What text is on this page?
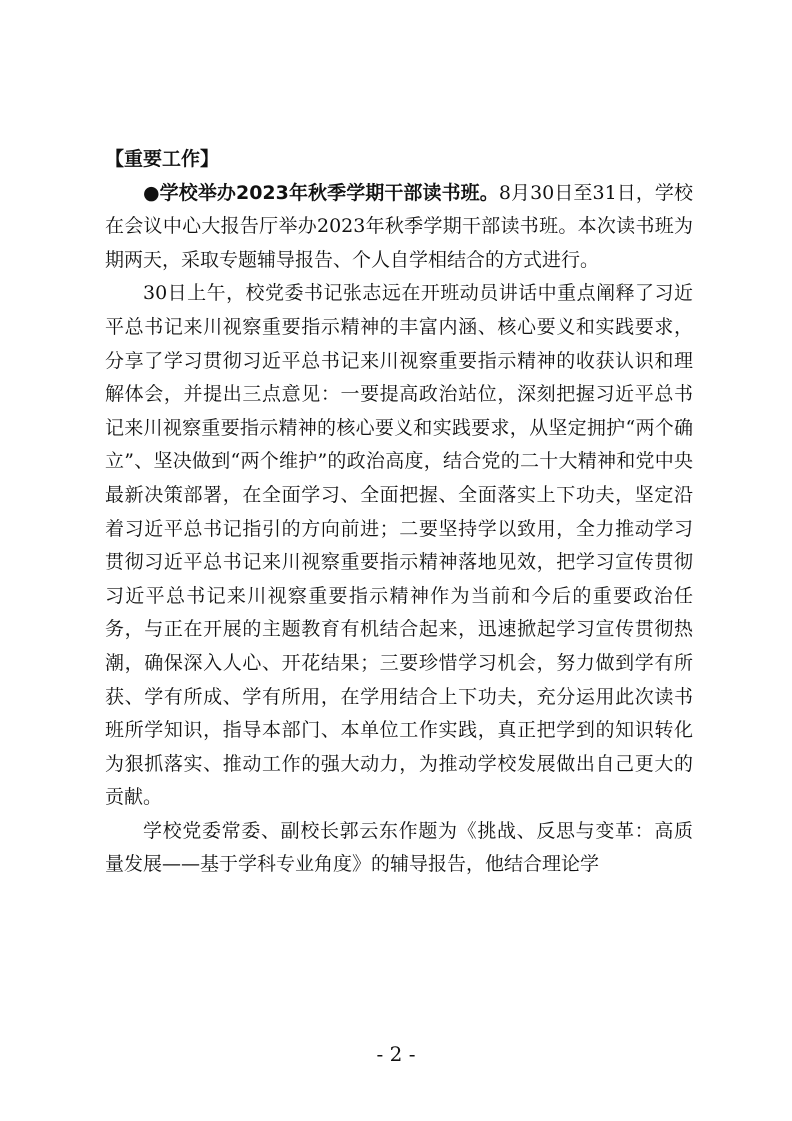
【重要工作】

●学校举办2023年秋季学期干部读书班。8月30日至31日，学校在会议中心大报告厅举办2023年秋季学期干部读书班。本次读书班为期两天，采取专题辅导报告、个人自学相结合的方式进行。

30日上午，校党委书记张志远在开班动员讲话中重点阐释了习近平总书记来川视察重要指示精神的丰富内涵、核心要义和实践要求，分享了学习贯彻习近平总书记来川视察重要指示精神的收获认识和理解体会，并提出三点意见：一要提高政治站位，深刻把握习近平总书记来川视察重要指示精神的核心要义和实践要求，从坚定拥护“两个确立”、坚决做到“两个维护”的政治高度，结合党的二十大精神和党中央最新决策部署，在全面学习、全面把握、全面落实上下功夫，坚定沿着习近平总书记指引的方向前进；二要坚持学以致用，全力推动学习贯彻习近平总书记来川视察重要指示精神落地见效，把学习宣传贯彻习近平总书记来川视察重要指示精神作为当前和今后的重要政治任务，与正在开展的主题教育有机结合起来，迅速掀起学习宣传贯彻热潮，确保深入人心、开花结果；三要珍惜学习机会，努力做到学有所获、学有所成、学有所用，在学用结合上下功夫，充分运用此次读书班所学知识，指导本部门、本单位工作实践，真正把学到的知识转化为狠抓落实、推动工作的强大动力，为推动学校发展做出自己更大的贡献。

学校党委常委、副校长郭云东作题为《挑战、反思与变革：高质量发展——基于学科专业角度》的辅导报告，他结合理论学

- 2 -
